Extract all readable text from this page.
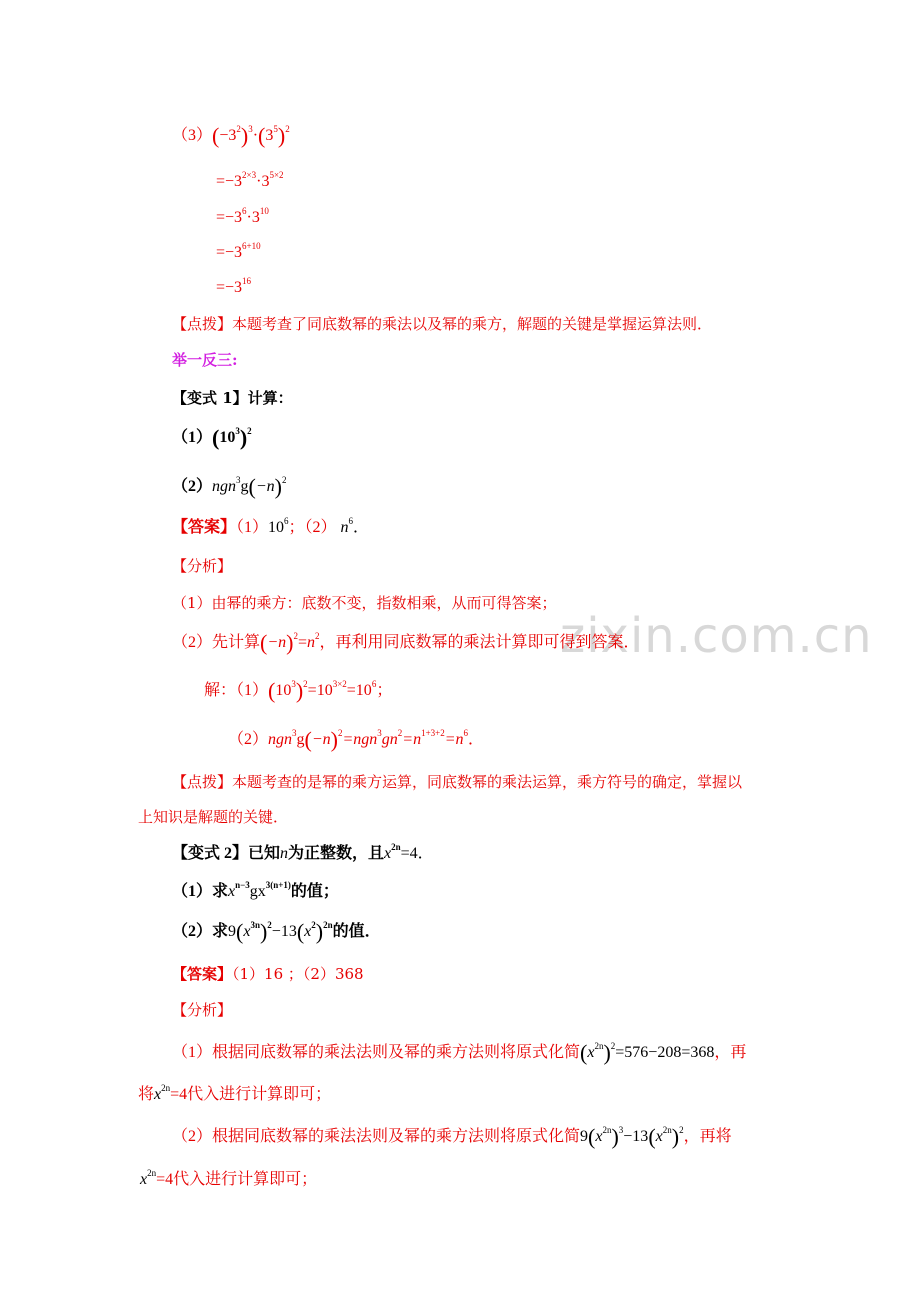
zixin.com.cn
$(3)(-3^2)^3\cdot(3^5)^2$
$=-3^{2\times 3}\cdot 3^{5\times 2}$
$=-3^6\cdot 3^{10}$
$=-3^{6+10}$
$=-3^{16}$
【点拨】本题考查了同底数幂的乘法以及幂的乘方，解题的关键是掌握运算法则．
举一反三:
【变式 1】计算：
$(1)(10^3)^2$
$(2)ngn^3g(-n)^2$
【答案】$(1)10^6$；（2） $n^6$．
【分析】
（1）由幂的乘方：底数不变，指数相乘，从而可得答案；
（2）先计算$(-n)^2=n^2$，再利用同底数幂的乘法计算即可得到答案．
解：$(1)(10^3)^2=10^{3\times 2}=10^6$；
$(2)ngn^3g(-n)^2=ngn^3gn^2=n^{1+3+2}=n^6$．
【点拨】本题考查的是幂的乘方运算，同底数幂的乘法运算，乘方符号的确定，掌握以
上知识是解题的关键．
【变式 2】已知n为正整数，且$x^{2n}=4$．
（1）求$x^{n-3}gx^{3(n+1)}$的值；
（2）求$9(x^{3n})^2-13(x^2)^{2n}$的值．
【答案】（1）16 ；（2）368
【分析】
（1）根据同底数幂的乘法法则及幂的乘方法则将原式化简$(x^{2n})^2=576-208=368$，再
将$x^{2n}=4$代入进行计算即可；
（2）根据同底数幂的乘法法则及幂的乘方法则将原式化简$9(x^{2n})^3-13(x^{2n})^2$，再将
$x^{2n}=4$代入进行计算即可；
